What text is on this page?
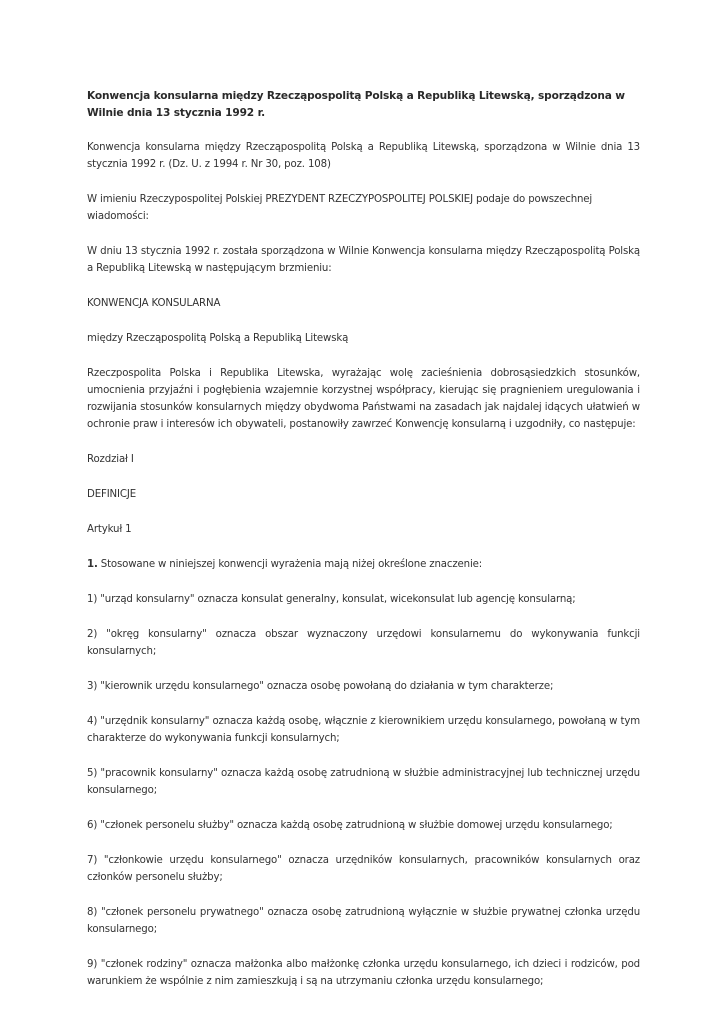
Konwencja konsularna między Rzecząpospolitą Polską a Republiką Litewską, sporządzona w Wilnie dnia 13 stycznia 1992 r.

Konwencja konsularna między Rzecząpospolitą Polską a Republiką Litewską, sporządzona w Wilnie dnia 13 stycznia 1992 r. (Dz. U. z 1994 r. Nr 30, poz. 108)

W imieniu Rzeczypospolitej Polskiej PREZYDENT RZECZYPOSPOLITEJ POLSKIEJ podaje do powszechnej wiadomości:

W dniu 13 stycznia 1992 r. została sporządzona w Wilnie Konwencja konsularna między Rzecząpospolitą Polską a Republiką Litewską w następującym brzmieniu:

KONWENCJA KONSULARNA

między Rzecząpospolitą Polską a Republiką Litewską

Rzeczpospolita Polska i Republika Litewska, wyrażając wolę zacieśnienia dobrosąsiedzkich stosunków, umocnienia przyjaźni i pogłębienia wzajemnie korzystnej współpracy, kierując się pragnieniem uregulowania i rozwijania stosunków konsularnych między obydwoma Państwami na zasadach jak najdalej idących ułatwień w ochronie praw i interesów ich obywateli, postanowiły zawrzeć Konwencję konsularną i uzgodniły, co następuje:

Rozdział I

DEFINICJE

Artykuł 1

1. Stosowane w niniejszej konwencji wyrażenia mają niżej określone znaczenie:

1) "urząd konsularny" oznacza konsulat generalny, konsulat, wicekonsulat lub agencję konsularną;

2) "okręg konsularny" oznacza obszar wyznaczony urzędowi konsularnemu do wykonywania funkcji konsularnych;

3) "kierownik urzędu konsularnego" oznacza osobę powołaną do działania w tym charakterze;

4) "urzędnik konsularny" oznacza każdą osobę, włącznie z kierownikiem urzędu konsularnego, powołaną w tym charakterze do wykonywania funkcji konsularnych;

5) "pracownik konsularny" oznacza każdą osobę zatrudnioną w służbie administracyjnej lub technicznej urzędu konsularnego;

6) "członek personelu służby" oznacza każdą osobę zatrudnioną w służbie domowej urzędu konsularnego;

7) "członkowie urzędu konsularnego" oznacza urzędników konsularnych, pracowników konsularnych oraz członków personelu służby;

8) "członek personelu prywatnego" oznacza osobę zatrudnioną wyłącznie w służbie prywatnej członka urzędu konsularnego;

9) "członek rodziny" oznacza małżonka albo małżonkę członka urzędu konsularnego, ich dzieci i rodziców, pod warunkiem że wspólnie z nim zamieszkują i są na utrzymaniu członka urzędu konsularnego;
